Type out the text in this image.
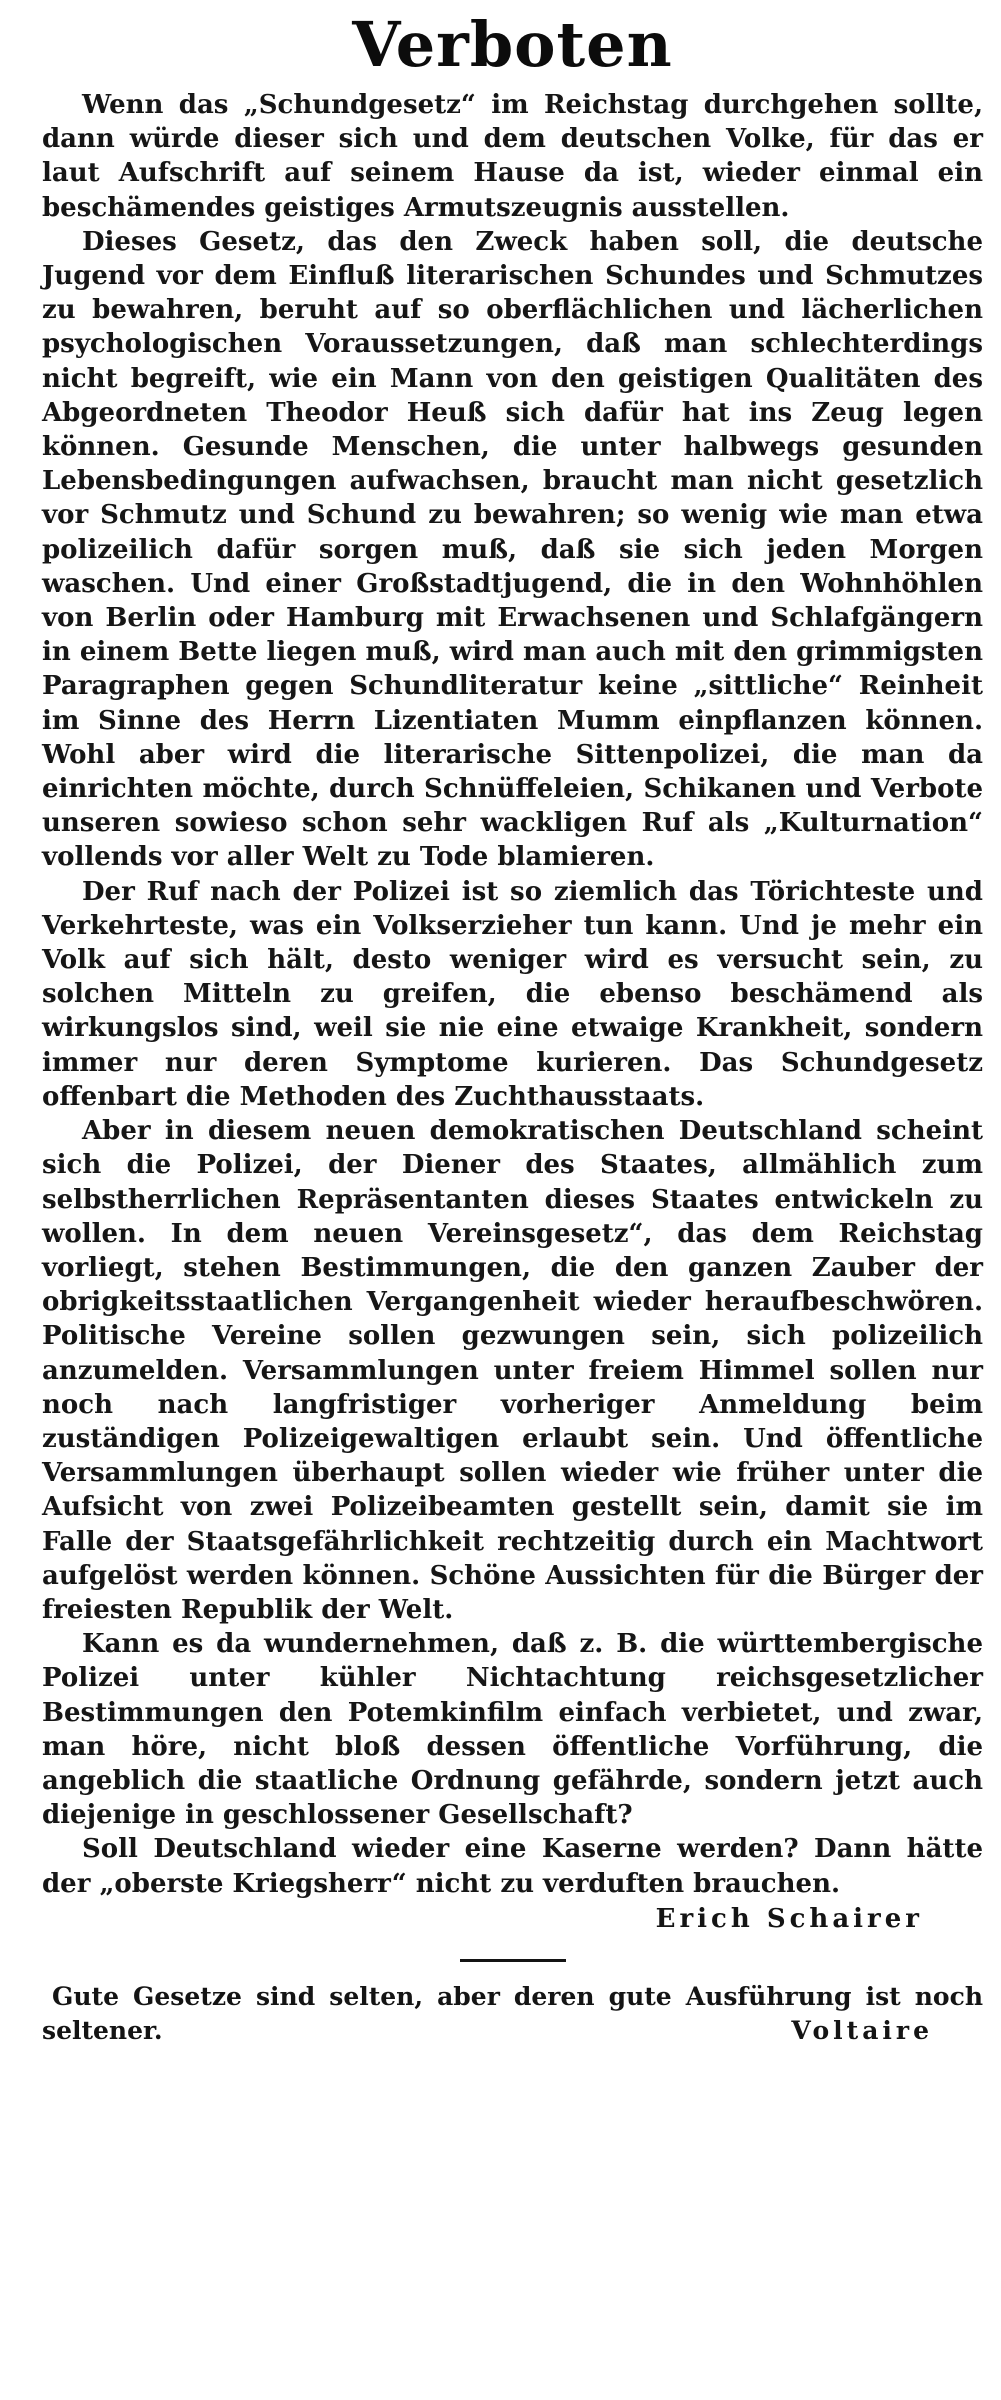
Verboten

Wenn das „Schundgesetz“ im Reichstag durchgehen sollte, dann würde dieser sich und dem deutschen Volke, für das er laut Aufschrift auf seinem Hause da ist, wieder einmal ein beschämendes geistiges Armutszeugnis ausstellen.

Dieses Gesetz, das den Zweck haben soll, die deutsche Jugend vor dem Einfluß literarischen Schundes und Schmutzes zu bewahren, beruht auf so oberflächlichen und lächerlichen psychologischen Voraussetzungen, daß man schlechterdings nicht begreift, wie ein Mann von den geistigen Qualitäten des Abgeordneten Theodor Heuß sich dafür hat ins Zeug legen können. Gesunde Menschen, die unter halbwegs gesunden Lebensbedingungen aufwachsen, braucht man nicht gesetzlich vor Schmutz und Schund zu bewahren; so wenig wie man etwa polizeilich dafür sorgen muß, daß sie sich jeden Morgen waschen. Und einer Großstadtjugend, die in den Wohnhöhlen von Berlin oder Hamburg mit Erwachsenen und Schlafgängern in einem Bette liegen muß, wird man auch mit den grimmigsten Paragraphen gegen Schundliteratur keine „sittliche“ Reinheit im Sinne des Herrn Lizentiaten Mumm einpflanzen können. Wohl aber wird die literarische Sittenpolizei, die man da einrichten möchte, durch Schnüffeleien, Schikanen und Verbote unseren sowieso schon sehr wackligen Ruf als „Kulturnation“ vollends vor aller Welt zu Tode blamieren.

Der Ruf nach der Polizei ist so ziemlich das Törichteste und Verkehrteste, was ein Volkserzieher tun kann. Und je mehr ein Volk auf sich hält, desto weniger wird es versucht sein, zu solchen Mitteln zu greifen, die ebenso beschämend als wirkungslos sind, weil sie nie eine etwaige Krankheit, sondern immer nur deren Symptome kurieren. Das Schundgesetz offenbart die Methoden des Zuchthausstaats.

Aber in diesem neuen demokratischen Deutschland scheint sich die Polizei, der Diener des Staates, allmählich zum selbstherrlichen Repräsentanten dieses Staates entwickeln zu wollen. In dem neuen Vereinsgesetz“, das dem Reichstag vorliegt, stehen Bestimmungen, die den ganzen Zauber der obrigkeitsstaatlichen Vergangenheit wieder heraufbeschwören. Politische Vereine sollen gezwungen sein, sich polizeilich anzumelden. Versammlungen unter freiem Himmel sollen nur noch nach langfristiger vorheriger Anmeldung beim zuständigen Polizeigewaltigen erlaubt sein. Und öffentliche Versammlungen überhaupt sollen wieder wie früher unter die Aufsicht von zwei Polizeibeamten gestellt sein, damit sie im Falle der Staatsgefährlichkeit rechtzeitig durch ein Machtwort aufgelöst werden können. Schöne Aussichten für die Bürger der freiesten Republik der Welt.

Kann es da wundernehmen, daß z. B. die württembergische Polizei unter kühler Nichtachtung reichsgesetzlicher Bestimmungen den Potemkinfilm einfach verbietet, und zwar, man höre, nicht bloß dessen öffentliche Vorführung, die angeblich die staatliche Ordnung gefährde, sondern jetzt auch diejenige in geschlossener Gesellschaft?

Soll Deutschland wieder eine Kaserne werden? Dann hätte der „oberste Kriegsherr“ nicht zu verduften brauchen.

Erich Schairer

Gute Gesetze sind selten, aber deren gute Ausführung ist noch seltener.	Voltaire
